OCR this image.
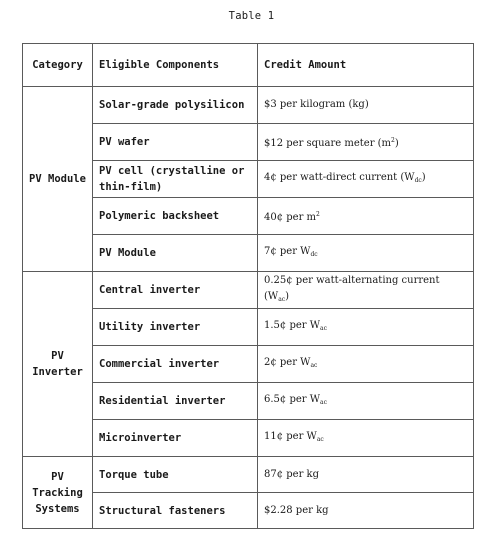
Table 1
Category	Eligible Components	Credit Amount
PV Module	Solar-grade polysilicon	$3 per kilogram (kg)
	PV wafer	$12 per square meter $(m^2)$
	PV cell (crystalline or thin-film)	4¢ per watt-direct current $(W_{dc})$
	Polymeric backsheet	40¢ per $m^2$
	PV Module	7¢ per $W_{dc}$
PV Inverter	Central inverter	0.25¢ per watt-alternating current $(W_{ac})$
	Utility inverter	1.5¢ per $W_{ac}$
	Commercial inverter	2¢ per $W_{ac}$
	Residential inverter	6.5¢ per $W_{ac}$
	Microinverter	11¢ per $W_{ac}$
PV Tracking Systems	Torque tube	87¢ per kg
	Structural fasteners	$2.28 per kg
